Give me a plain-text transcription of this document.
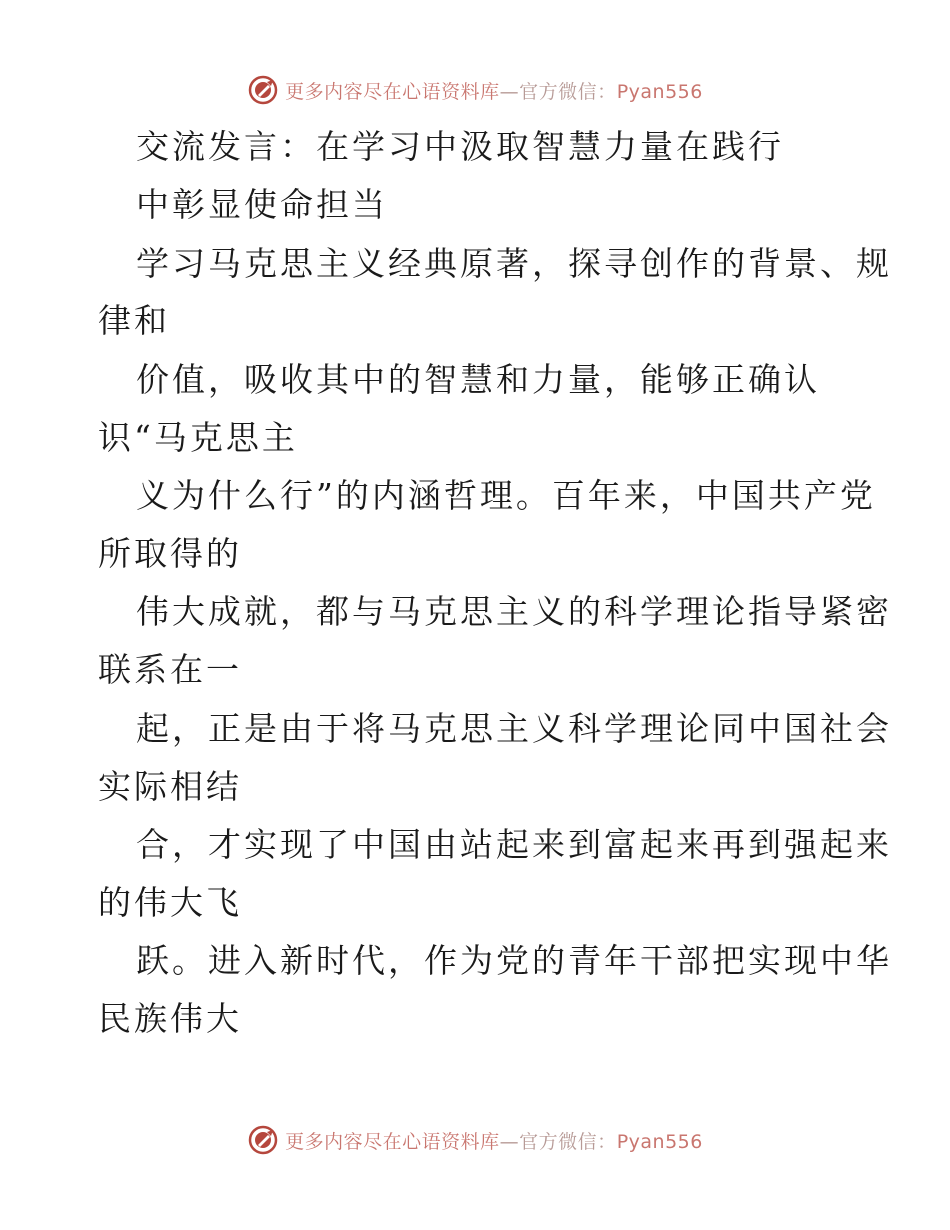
更多内容尽在心语资料库—官方微信：Pyan556
交流发言：在学习中汲取智慧力量在践行
中彰显使命担当
学习马克思主义经典原著，探寻创作的背景、规
律和
价值，吸收其中的智慧和力量，能够正确认
识“马克思主
义为什么行”的内涵哲理。百年来，中国共产党
所取得的
伟大成就，都与马克思主义的科学理论指导紧密
联系在一
起，正是由于将马克思主义科学理论同中国社会
实际相结
合，才实现了中国由站起来到富起来再到强起来
的伟大飞
跃。进入新时代，作为党的青年干部把实现中华
民族伟大
更多内容尽在心语资料库—官方微信：Pyan556
